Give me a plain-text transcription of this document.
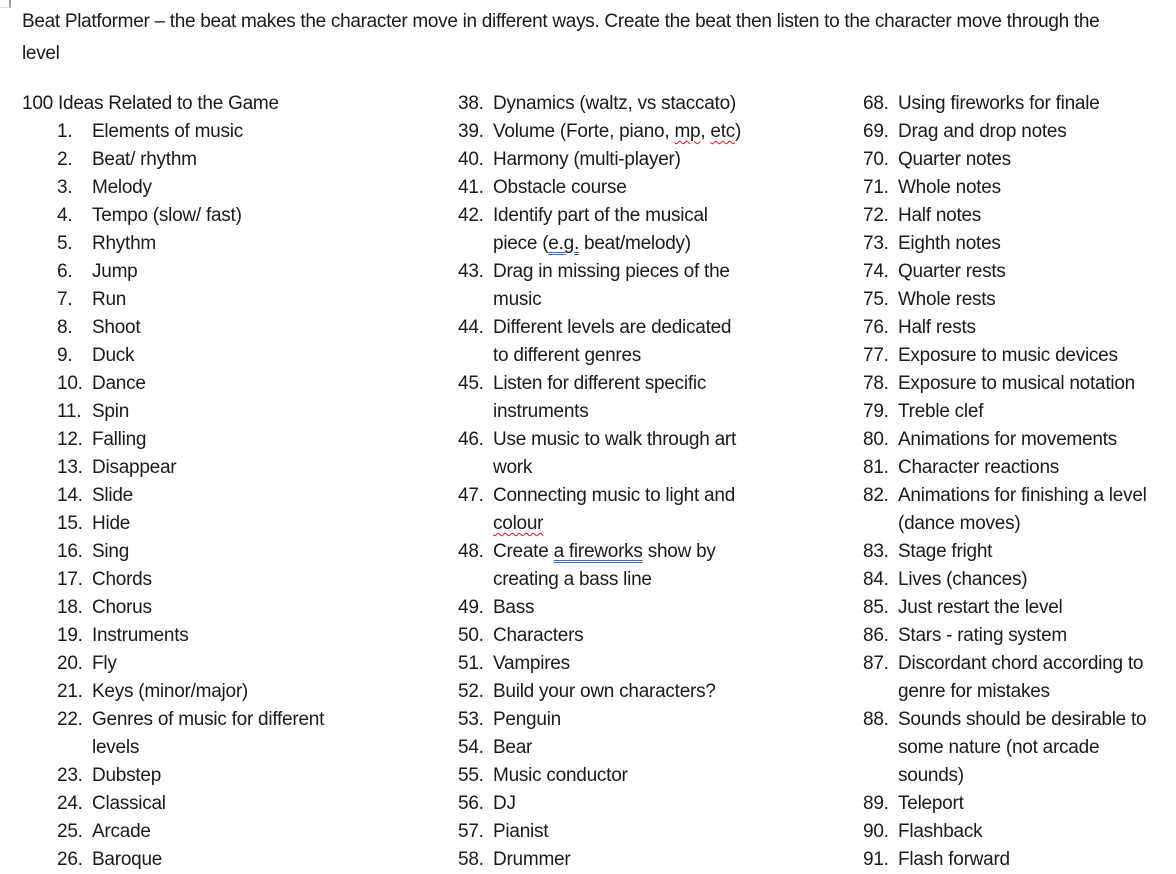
Beat Platformer – the beat makes the character move in different ways. Create the beat then listen to the character move through the
level
100 Ideas Related to the Game
1.	Elements of music
2.	Beat/ rhythm
3.	Melody
4.	Tempo (slow/ fast)
5.	Rhythm
6.	Jump
7.	Run
8.	Shoot
9.	Duck
10. Dance
11. Spin
12. Falling
13. Disappear
14. Slide
15. Hide
16. Sing
17. Chords
18. Chorus
19. Instruments
20. Fly
21. Keys (minor/major)
22. Genres of music for different
levels
23. Dubstep
24. Classical
25. Arcade
26. Baroque
38. Dynamics (waltz, vs staccato)
39. Volume (Forte, piano, mp, etc)
40. Harmony (multi-player)
41. Obstacle course
42. Identify part of the musical
piece (e.g. beat/melody)
43. Drag in missing pieces of the
music
44. Different levels are dedicated
to different genres
45. Listen for different specific
instruments
46. Use music to walk through art
work
47. Connecting music to light and
colour
48. Create a fireworks show by
creating a bass line
49. Bass
50. Characters
51. Vampires
52. Build your own characters?
53. Penguin
54. Bear
55. Music conductor
56. DJ
57. Pianist
58. Drummer
68. Using fireworks for finale
69. Drag and drop notes
70. Quarter notes
71. Whole notes
72. Half notes
73. Eighth notes
74. Quarter rests
75. Whole rests
76. Half rests
77. Exposure to music devices
78. Exposure to musical notation
79. Treble clef
80. Animations for movements
81. Character reactions
82. Animations for finishing a level
(dance moves)
83. Stage fright
84. Lives (chances)
85. Just restart the level
86. Stars - rating system
87. Discordant chord according to
genre for mistakes
88. Sounds should be desirable to
some nature (not arcade
sounds)
89. Teleport
90. Flashback
91. Flash forward
